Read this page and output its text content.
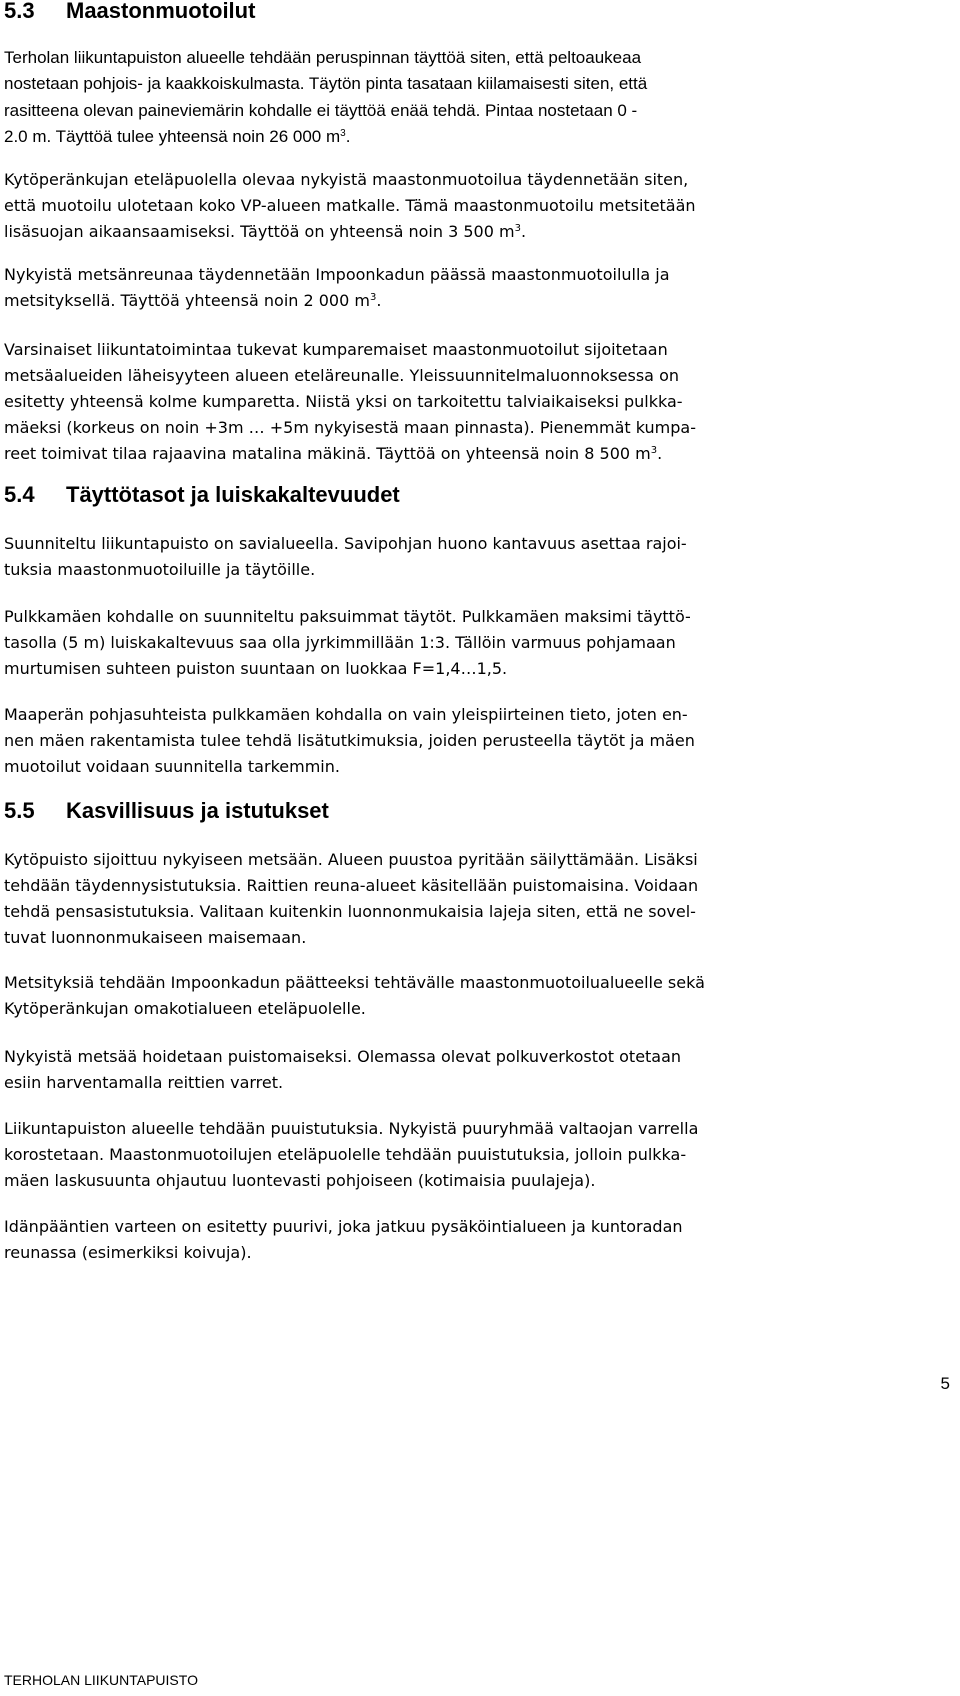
5.3 Maastonmuotoilut

Terholan liikuntapuiston alueelle tehdään peruspinnan täyttöä siten, että peltoaukeaa
nostetaan pohjois- ja kaakkoiskulmasta. Täytön pinta tasataan kiilamaisesti siten, että
rasitteena olevan paineviemärin kohdalle ei täyttöä enää tehdä. Pintaa nostetaan 0 -
2.0 m. Täyttöä tulee yhteensä noin 26 000 $m^3$.

Kytöperänkujan eteläpuolella olevaa nykyistä maastonmuotoilua täydennetään siten,
että muotoilu ulotetaan koko VP-alueen matkalle. Tämä maastonmuotoilu metsitetään
lisäsuojan aikaansaamiseksi. Täyttöä on yhteensä noin 3 500 $m^3$.

Nykyistä metsänreunaa täydennetään Impoonkadun päässä maastonmuotoilulla ja
metsityksellä. Täyttöä yhteensä noin 2 000 $m^3$.

Varsinaiset liikuntatoimintaa tukevat kumparemaiset maastonmuotoilut sijoitetaan
metsäalueiden läheisyyteen alueen eteläreunalle. Yleissuunnitelmaluonnoksessa on
esitetty yhteensä kolme kumparetta. Niistä yksi on tarkoitettu talviaikaiseksi pulkka-
mäeksi (korkeus on noin +3m … +5m nykyisestä maan pinnasta). Pienemmät kumpa-
reet toimivat tilaa rajaavina matalina mäkinä. Täyttöä on yhteensä noin 8 500 $m^3$.

5.4 Täyttötasot ja luiskakaltevuudet

Suunniteltu liikuntapuisto on savialueella. Savipohjan huono kantavuus asettaa rajoi-
tuksia maastonmuotoiluille ja täytöille.

Pulkkamäen kohdalle on suunniteltu paksuimmat täytöt. Pulkkamäen maksimi täyttö-
tasolla (5 m) luiskakaltevuus saa olla jyrkimmillään 1:3. Tällöin varmuus pohjamaan
murtumisen suhteen puiston suuntaan on luokkaa F=1,4…1,5.

Maaperän pohjasuhteista pulkkamäen kohdalla on vain yleispiirteinen tieto, joten en-
nen mäen rakentamista tulee tehdä lisätutkimuksia, joiden perusteella täytöt ja mäen
muotoilut voidaan suunnitella tarkemmin.

5.5 Kasvillisuus ja istutukset

Kytöpuisto sijoittuu nykyiseen metsään. Alueen puustoa pyritään säilyttämään. Lisäksi
tehdään täydennysistutuksia. Raittien reuna-alueet käsitellään puistomaisina. Voidaan
tehdä pensasistutuksia. Valitaan kuitenkin luonnonmukaisia lajeja siten, että ne sovel-
tuvat luonnonmukaiseen maisemaan.

Metsityksiä tehdään Impoonkadun päätteeksi tehtävälle maastonmuotoilualueelle sekä
Kytöperänkujan omakotialueen eteläpuolelle.

Nykyistä metsää hoidetaan puistomaiseksi. Olemassa olevat polkuverkostot otetaan
esiin harventamalla reittien varret.

Liikuntapuiston alueelle tehdään puuistutuksia. Nykyistä puuryhmää valtaojan varrella
korostetaan. Maastonmuotoilujen eteläpuolelle tehdään puuistutuksia, jolloin pulkka-
mäen laskusuunta ohjautuu luontevasti pohjoiseen (kotimaisia puulajeja).

Idänpääntien varteen on esitetty puurivi, joka jatkuu pysäköintialueen ja kuntoradan
reunassa (esimerkiksi koivuja).

5
TERHOLAN LIIKUNTAPUISTO
